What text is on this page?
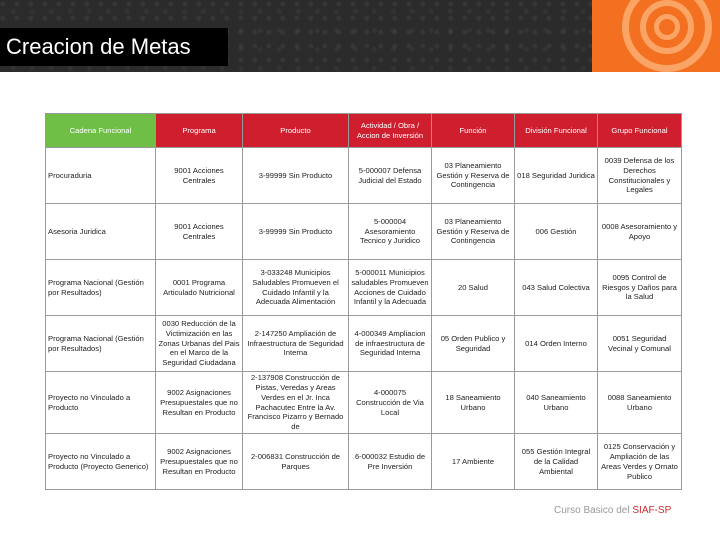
Creacion de Metas
Cadena Funcional	Programa	Producto	Actividad / Obra / Accion de Inversión	Función	División Funcional	Grupo Funcional
Procuraduria	9001 Acciones Centrales	3-99999 Sin Producto	5-000007 Defensa Judicial del Estado	03 Planeamiento Gestión y Reserva de Contingencia	018 Seguridad Juridica	0039 Defensa de los Derechos Constitucionales y Legales
Asesoria Juridica	9001 Acciones Centrales	3-99999 Sin Producto	5-000004 Asesoramiento Tecnico y Juridico	03 Planeamiento Gestión y Reserva de Contingencia	006 Gestión	0008 Asesoramiento y Apoyo
Programa Nacional (Gestión por Resultados)	0001 Programa Articulado Nutricional	3-033248 Municipios Saludables Promueven el Cuidado Infantil y la Adecuada Alimentación	5-000011 Municipios saludables Promueven Acciones de Cuidado Infantil y la Adecuada	20 Salud	043 Salud Colectiva	0095 Control de Riesgos y Daños para la Salud
Programa Nacional (Gestión por Resultados)	0030 Reducción de la Victimización en las Zonas Urbanas del Pais en el Marco de la Seguridad Ciudadana	2-147250 Ampliación de Infraestructura de Seguridad Interna	4-000349 Ampliacion de infraestructura de Seguridad Interna	05 Orden Publico y Seguridad	014 Orden Interno	0051 Seguridad Vecinal y Comunal
Proyecto no Vinculado a Producto	9002 Asignaciones Presupuestales que no Resultan en Producto	2-137908 Construcción de Pistas, Veredas y Areas Verdes en el Jr. Inca Pachacutec Entre la Av. Francisco Pizarro y Bernado de	4-000075 Construcción de Via Local	18 Saneamiento Urbano	040 Saneamiento Urbano	0088 Saneamiento Urbano
Proyecto no Vinculado a Producto (Proyecto Generico)	9002 Asignaciones Presupuestales que no Resultan en Producto	2-006831 Construcción de Parques	6-000032 Estudio de Pre Inversión	17 Ambiente	055 Gestión Integral de la Calidad Ambiental	0125 Conservación y Ampliación de las Areas Verdes y Ornato Publico
Curso Basico del SIAF-SP
